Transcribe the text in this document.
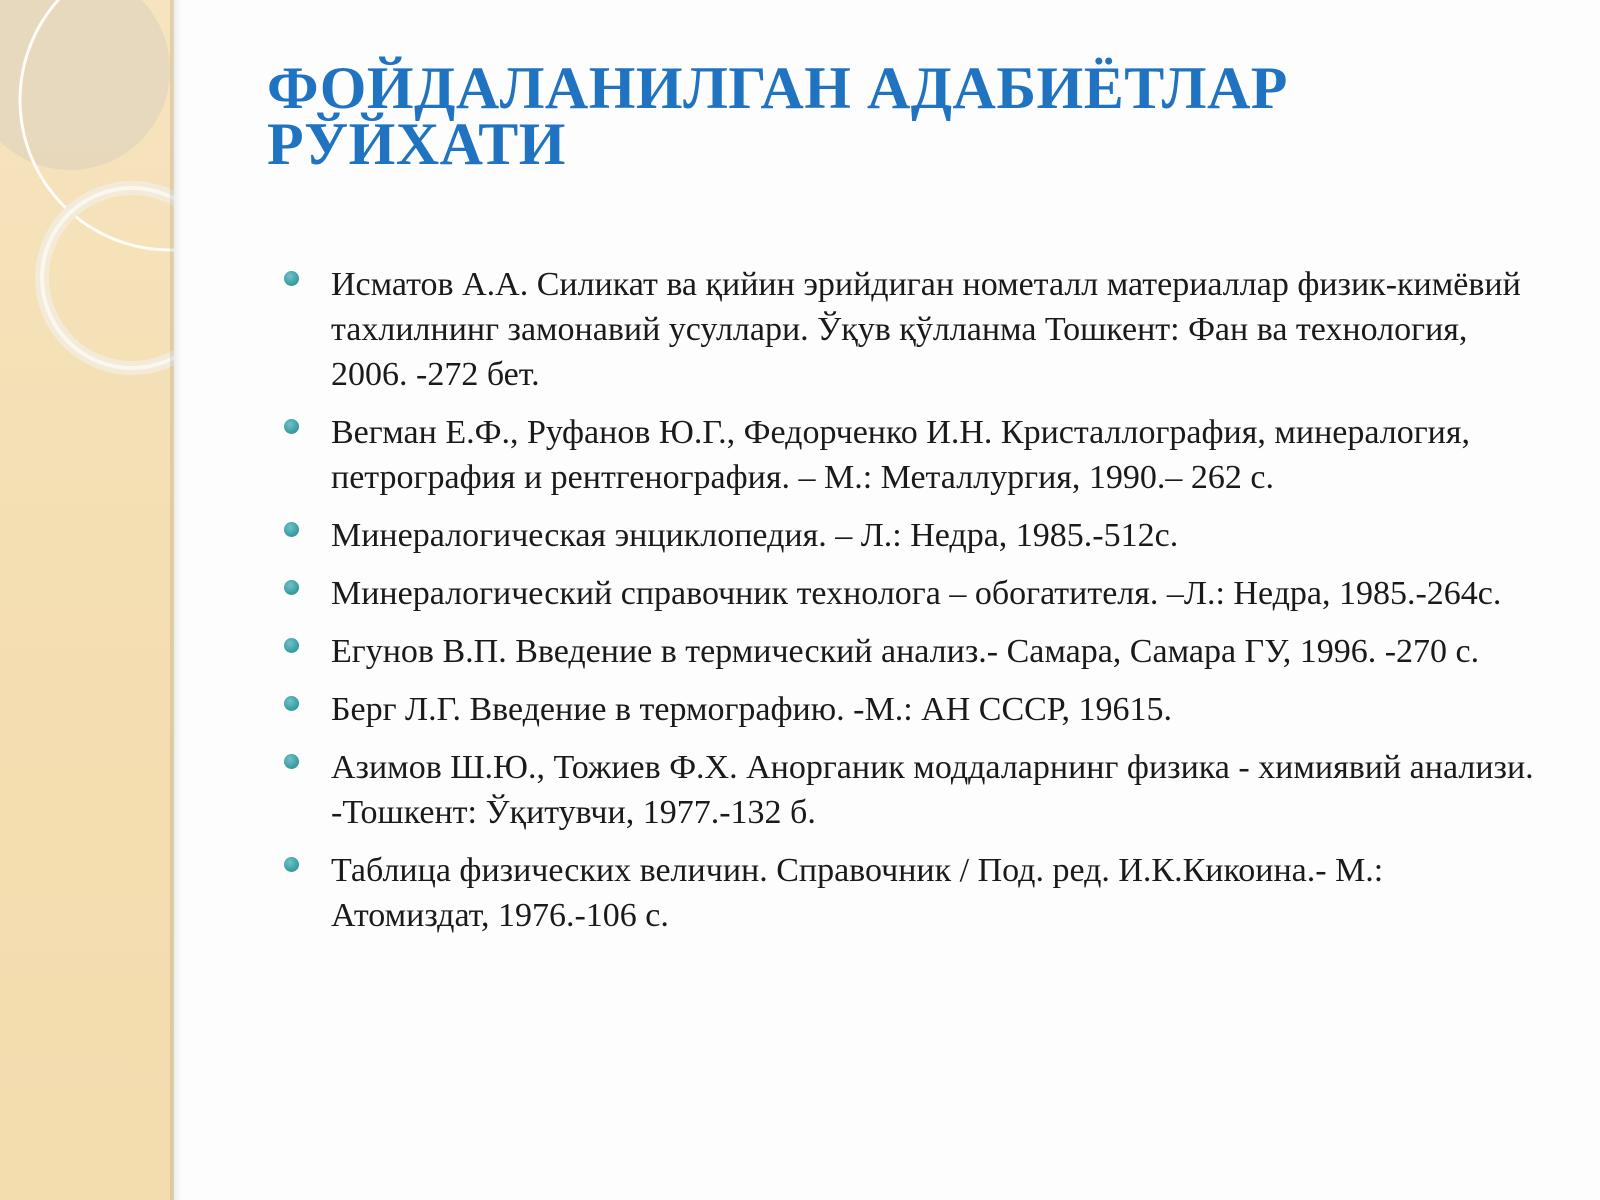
ФОЙДАЛАНИЛГАН АДАБИЁТЛАР РЎЙХАТИ
Исматов А.А. Силикат ва қийин эрийдиган нометалл материаллар физик-кимёвий тахлилнинг замонавий усуллари. Ўқув қўлланма Тошкент: Фан ва технология, 2006. -272 бет.
Вегман Е.Ф., Руфанов Ю.Г., Федорченко И.Н. Кристаллография, минералогия, петрография и рентгенография. – М.: Металлургия, 1990.– 262 с.
Минералогическая энциклопедия. – Л.: Недра, 1985.-512с.
Минералогический справочник технолога – обогатителя. –Л.: Недра, 1985.-264с.
Егунов В.П. Введение в термический анализ.- Самара, Самара ГУ, 1996. -270 с.
Берг Л.Г. Введение в термографию. -М.: АН СССР, 19615.
Азимов Ш.Ю., Тожиев Ф.Х. Анорганик моддаларнинг физика - химиявий анализи. -Тошкент: Ўқитувчи, 1977.-132 б.
Таблица физических величин. Справочник / Под. ред. И.К.Кикоина.- М.: Атомиздат, 1976.-106 с.
